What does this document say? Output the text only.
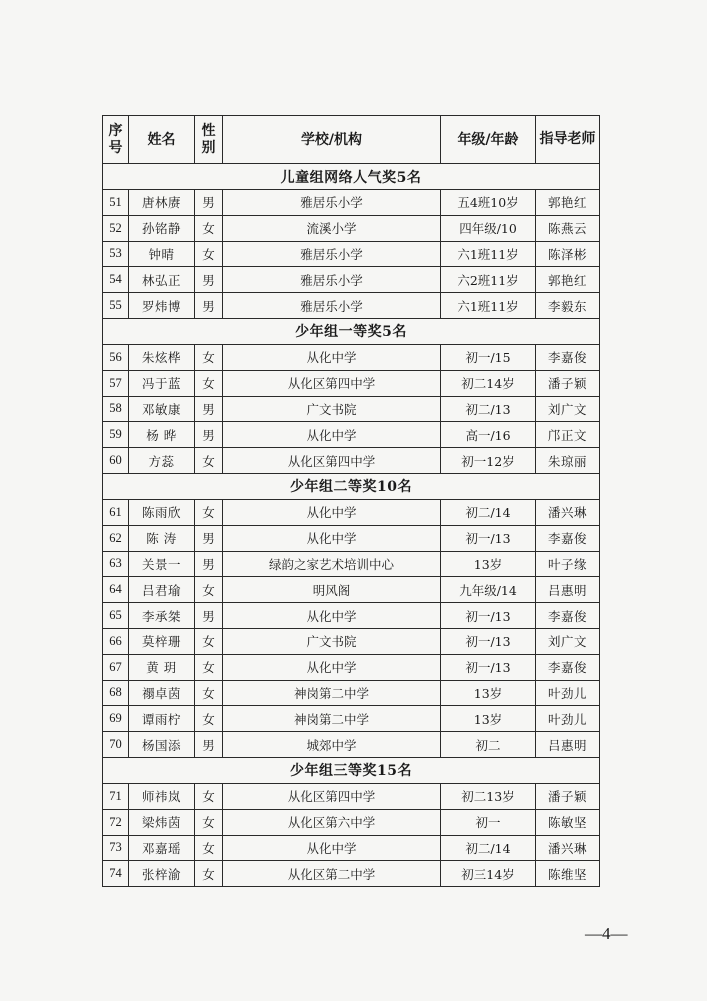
序号	姓名	性别	学校/机构	年级/年龄	指导老师
儿童组网络人气奖5名					
51	唐林赓	男	雅居乐小学	五4班10岁	郭艳红
52	孙铭静	女	流溪小学	四年级/10	陈燕云
53	钟晴	女	雅居乐小学	六1班11岁	陈泽彬
54	林弘正	男	雅居乐小学	六2班11岁	郭艳红
55	罗炜博	男	雅居乐小学	六1班11岁	李毅东
少年组一等奖5名					
56	朱炫桦	女	从化中学	初一/15	李嘉俊
57	冯于蓝	女	从化区第四中学	初二14岁	潘子颖
58	邓敏康	男	广文书院	初二/13	刘广文
59	杨 晔	男	从化中学	高一/16	邝正文
60	方蕊	女	从化区第四中学	初一12岁	朱琼丽
少年组二等奖10名					
61	陈雨欣	女	从化中学	初二/14	潘兴琳
62	陈 涛	男	从化中学	初一/13	李嘉俊
63	关景一	男	绿韵之家艺术培训中心	13岁	叶子缘
64	吕君瑜	女	明风阁	九年级/14	吕惠明
65	李承桀	男	从化中学	初一/13	李嘉俊
66	莫梓珊	女	广文书院	初一/13	刘广文
67	黄 玥	女	从化中学	初一/13	李嘉俊
68	禤卓茵	女	神岗第二中学	13岁	叶劲儿
69	谭雨柠	女	神岗第二中学	13岁	叶劲儿
70	杨国添	男	城郊中学	初二	吕惠明
少年组三等奖15名					
71	师祎岚	女	从化区第四中学	初二13岁	潘子颖
72	梁炜茵	女	从化区第六中学	初一	陈敏坚
73	邓嘉瑶	女	从化中学	初二/14	潘兴琳
74	张梓渝	女	从化区第二中学	初三14岁	陈维坚
—4—
